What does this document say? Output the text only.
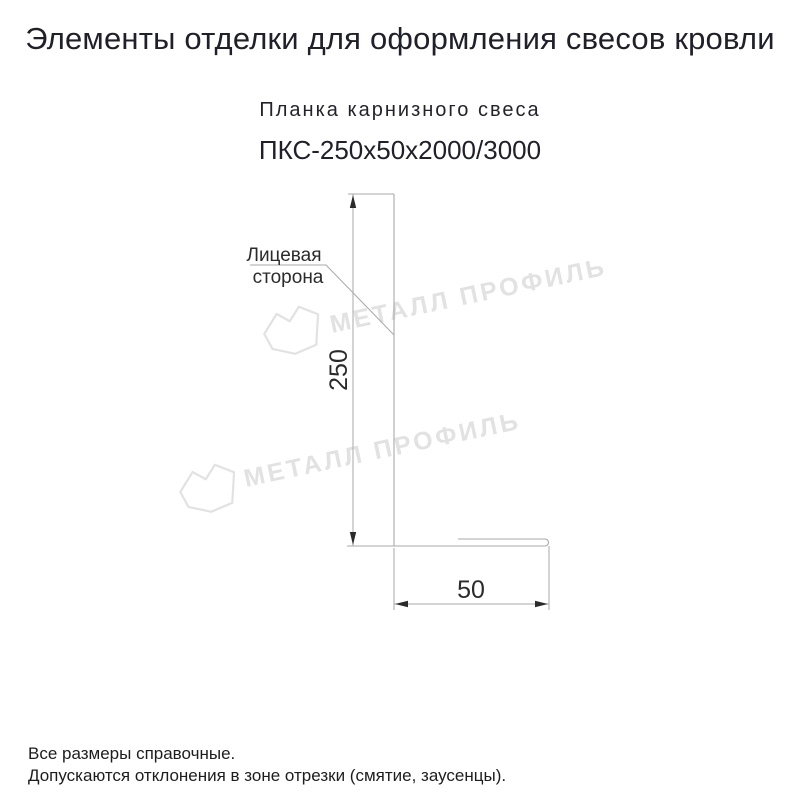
Элементы отделки для оформления свесов кровли
Планка карнизного свеса
ПКС-250x50x2000/3000
МЕТАЛЛ ПРОФИЛЬ
МЕТАЛЛ ПРОФИЛЬ
250
50
Лицевая
сторона
Все размеры справочные.
Допускаются отклонения в зоне отрезки (смятие, заусенцы).
